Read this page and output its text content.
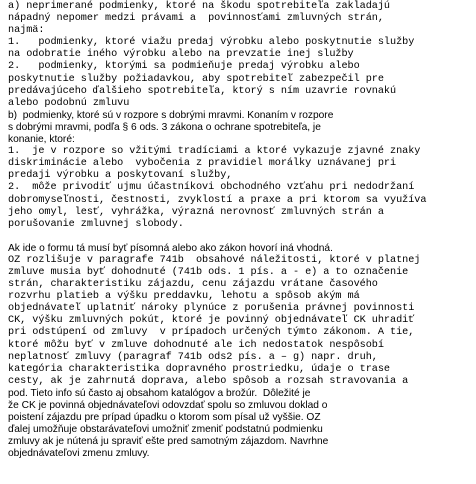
a) neprimerané podmienky, ktoré na škodu spotrebiteľa zakladajú
nápadný nepomer medzi právami a  povinnosťami zmluvných strán,
najmä:
1.   podmienky, ktoré viažu predaj výrobku alebo poskytnutie služby
na odobratie iného výrobku alebo na prevzatie inej služby
2.   podmienky, ktorými sa podmieňuje predaj výrobku alebo
poskytnutie služby požiadavkou, aby spotrebiteľ zabezpečil pre
predávajúceho ďalšieho spotrebiteľa, ktorý s ním uzavrie rovnakú
alebo podobnú zmluvu
b)  podmienky, ktoré sú v rozpore s dobrými mravmi. Konaním v rozpore
s dobrými mravmi, podľa § 6 ods. 3 zákona o ochrane spotrebiteľa, je
konanie, ktoré:
1.  je v rozpore so vžitými tradíciami a ktoré vykazuje zjavné znaky
diskriminácie alebo  vybočenia z pravidiel morálky uznávanej pri
predaji výrobku a poskytovaní služby,
2.  môže privodiť ujmu účastníkovi obchodného vzťahu pri nedodržaní
dobromyseľnosti, čestnosti, zvyklostí a praxe a pri ktorom sa využíva
jeho omyl, lesť, vyhrážka, výrazná nerovnosť zmluvných strán a
porušovanie zmluvnej slobody.
Ak ide o formu tá musí byť písomná alebo ako zákon hovorí iná vhodná.
OZ rozlišuje v paragrafe 741b  obsahové náležitosti, ktoré v platnej
zmluve musia byť dohodnuté (741b ods. 1 pís. a - e) a to označenie
strán, charakteristiku zájazdu, cenu zájazdu vrátane časového
rozvrhu platieb a výšku preddavku, lehotu a spôsob akým má
objednávateľ uplatniť nároky plynúce z porušenia právnej povinnosti
CK, výšku zmluvných pokút, ktoré je povinný objednávateľ CK uhradiť
pri odstúpení od zmluvy  v prípadoch určených týmto zákonom. A tie,
ktoré môžu byť v zmluve dohodnuté ale ich nedostatok nespôsobí
neplatnosť zmluvy (paragraf 741b ods2 pís. a – g) napr. druh,
kategória charakteristika dopravného prostriedku, údaje o trase
cesty, ak je zahrnutá doprava, alebo spôsob a rozsah stravovania a
pod. Tieto info sú často aj obsahom katalógov a brožúr.  Dôležité je
že CK je povinná objednávateľovi odovzdať spolu so zmluvou doklad o
poistení zájazdu pre prípad úpadku o ktorom som písal už vyššie. OZ
ďalej umožňuje obstarávateľovi umožniť zmeniť podstatnú podmienku
zmluvy ak je nútená ju spraviť ešte pred samotným zájazdom. Navrhne
objednávateľovi zmenu zmluvy.
